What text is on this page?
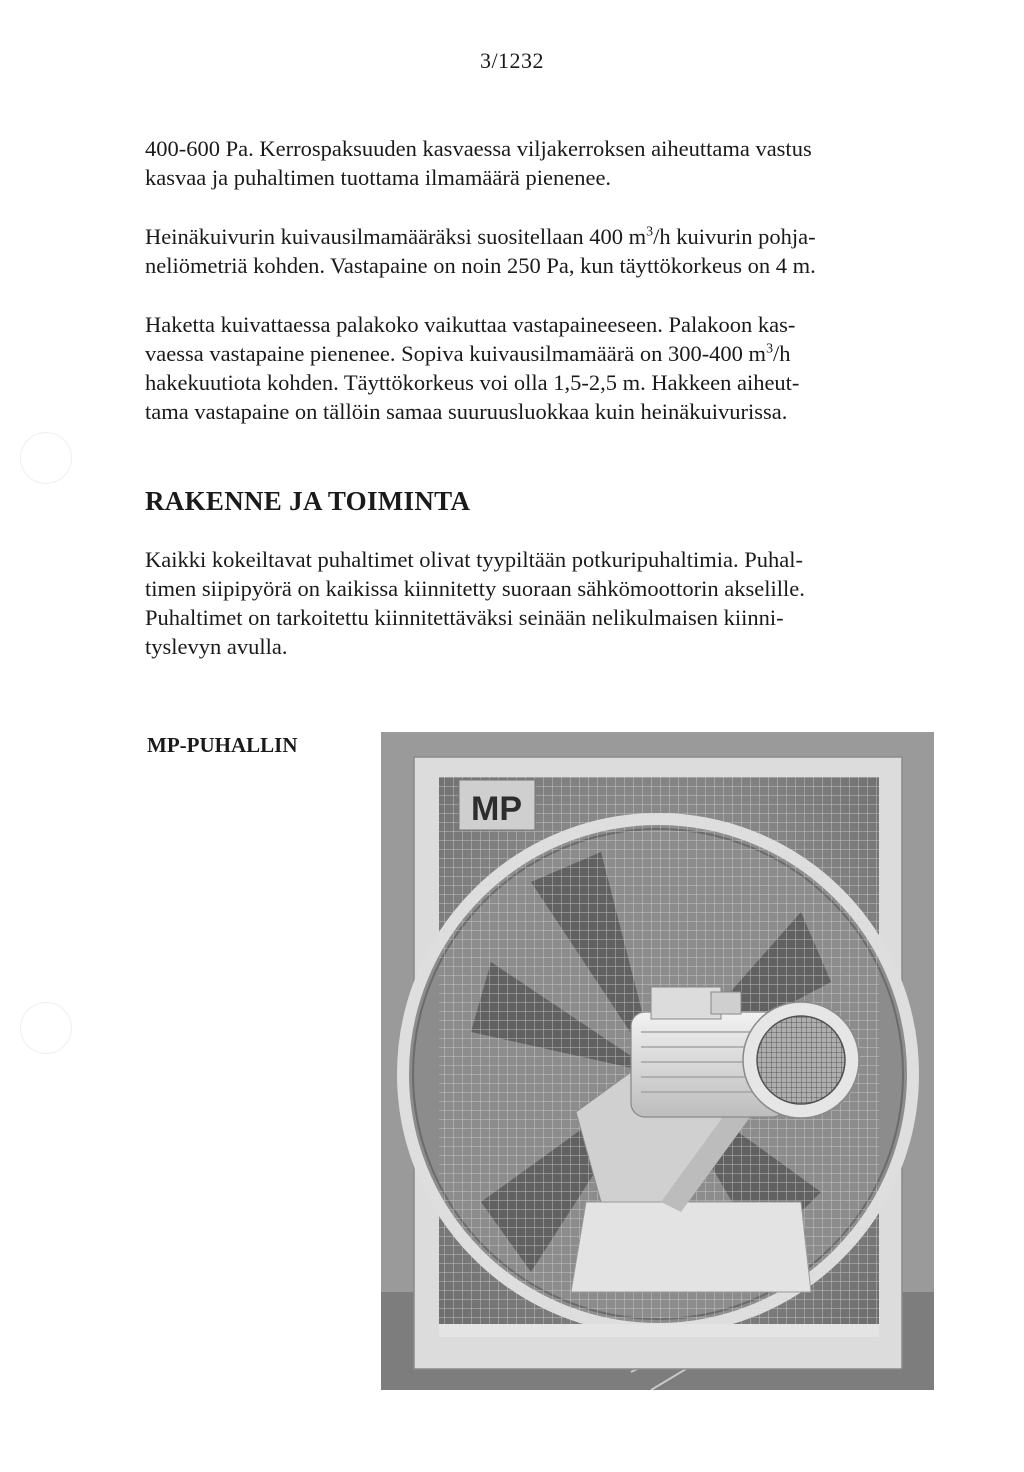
3/1232

400-600 Pa. Kerrospaksuuden kasvaessa viljakerroksen aiheuttama vastus
kasvaa ja puhaltimen tuottama ilmamäärä pienenee.

Heinäkuivurin kuivausilmamääräksi suositellaan 400 $m^3/h$ kuivurin pohja-
neliömetriä kohden. Vastapaine on noin 250 Pa, kun täyttökorkeus on 4 m.

Haketta kuivattaessa palakoko vaikuttaa vastapaineeseen. Palakoon kas-
vaessa vastapaine pienenee. Sopiva kuivausilmamäärä on 300-400 $m^3/h$
hakekuutiota kohden. Täyttökorkeus voi olla 1,5-2,5 m. Hakkeen aiheut-
tama vastapaine on tällöin samaa suuruusluokkaa kuin heinäkuivurissa.

RAKENNE JA TOIMINTA

Kaikki kokeiltavat puhaltimet olivat tyypiltään potkuripuhaltimia. Puhal-
timen siipipyörä on kaikissa kiinnitetty suoraan sähkömoottorin akselille.
Puhaltimet on tarkoitettu kiinnitettäväksi seinään nelikulmaisen kiinni-
tyslevyn avulla.

MP-PUHALLIN
MP
